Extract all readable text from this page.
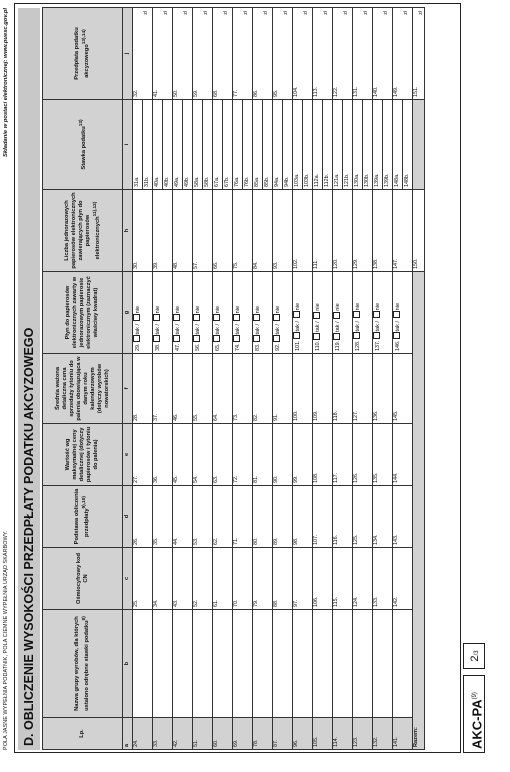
POLA JASNE WYPEŁNIA PODATNIK, POLA CIEMNE WYPEŁNIA URZĄD SKARBOWY.
Składanie w postaci elektronicznej: www.puesc.gov.pl
D. OBLICZENIE WYSOKOŚCI PRZEDPŁATY PODATKU AKCYZOWEGO	Lp.	Nazwa grupy wyrobów, dla których ustalono odrębne stawki podatku$^{8)}$	Ośmiocyfrowy kod CN	Podstawa obliczenia przedpłaty$^{9),10)}$	Wartość wg maksymalnej ceny detalicznej (dotyczy papierosów i tytoniu do palenia)	Średnia ważona detaliczna cena sprzedaży tytoniu do palenia obowiązująca w danym roku kalendarzowym (dotyczy wyrobów nowatorskich)	Płyn do papierosów elektronicznych zawarty w jednorazowym papierosie elektronicznym (zaznaczyć właściwy kwadrat)	Liczba jednorazowych papierosów elektronicznych zawierających płyn do papierosów elektronicznych$^{11),12)}$	Stawka podatku$^{13)}$	Przedpłata podatku akcyzowego$^{13),14)}$
a	b	c	d	e	f	g	h	i	j
24.		25.	26.	27.	28.	29.tak / nie	30.	31a. 31b.	32.
zł

33.		34.	35.	36.	37.	38.tak / nie	39.	40a. 40b.	41.
zł

42.		43.	44.	45.	46.	47.tak / nie	48.	49a. 49b.	50.
zł

51.		52.	53.	54.	55.	56.tak / nie	57.	58a. 58b.	59.
zł

60.		61.	62.	63.	64.	65.tak / nie	66.	67a. 67b.	68.
zł

69.		70.	71.	72.	73.	74.tak / nie	75.	76a. 76b.	77.
zł

78.		79.	80.	81.	82.	83.tak / nie	84.	85a. 85b.	86.
zł

87.		88.	89.	90.	91.	92.tak / nie	93.	94a. 94b.	95.
zł

96.		97.	98.	99.	100.	101.tak / nie	102.	103a. 103b.	104.
zł

105.		106.	107.	108.	109.	110.tak / nie	111.	112a. 112b.	113.
zł

114.		115.	116.	117.	118.	119.tak / nie	120.	121a. 121b.	122.
zł

123.		124.	125.	126.	127.	128.tak / nie	129.	130a. 130b.	131.
zł

132.		133.	134.	135.	136.	137.tak / nie	138.	139a. 139b.	140.
zł

141.		142.	143.	144.	145.	146.tak / nie	147.	148a. 148b.	149.
zł

Razem:							150.		151.
zł
AKC-PA$^{(9)}$
2/3
